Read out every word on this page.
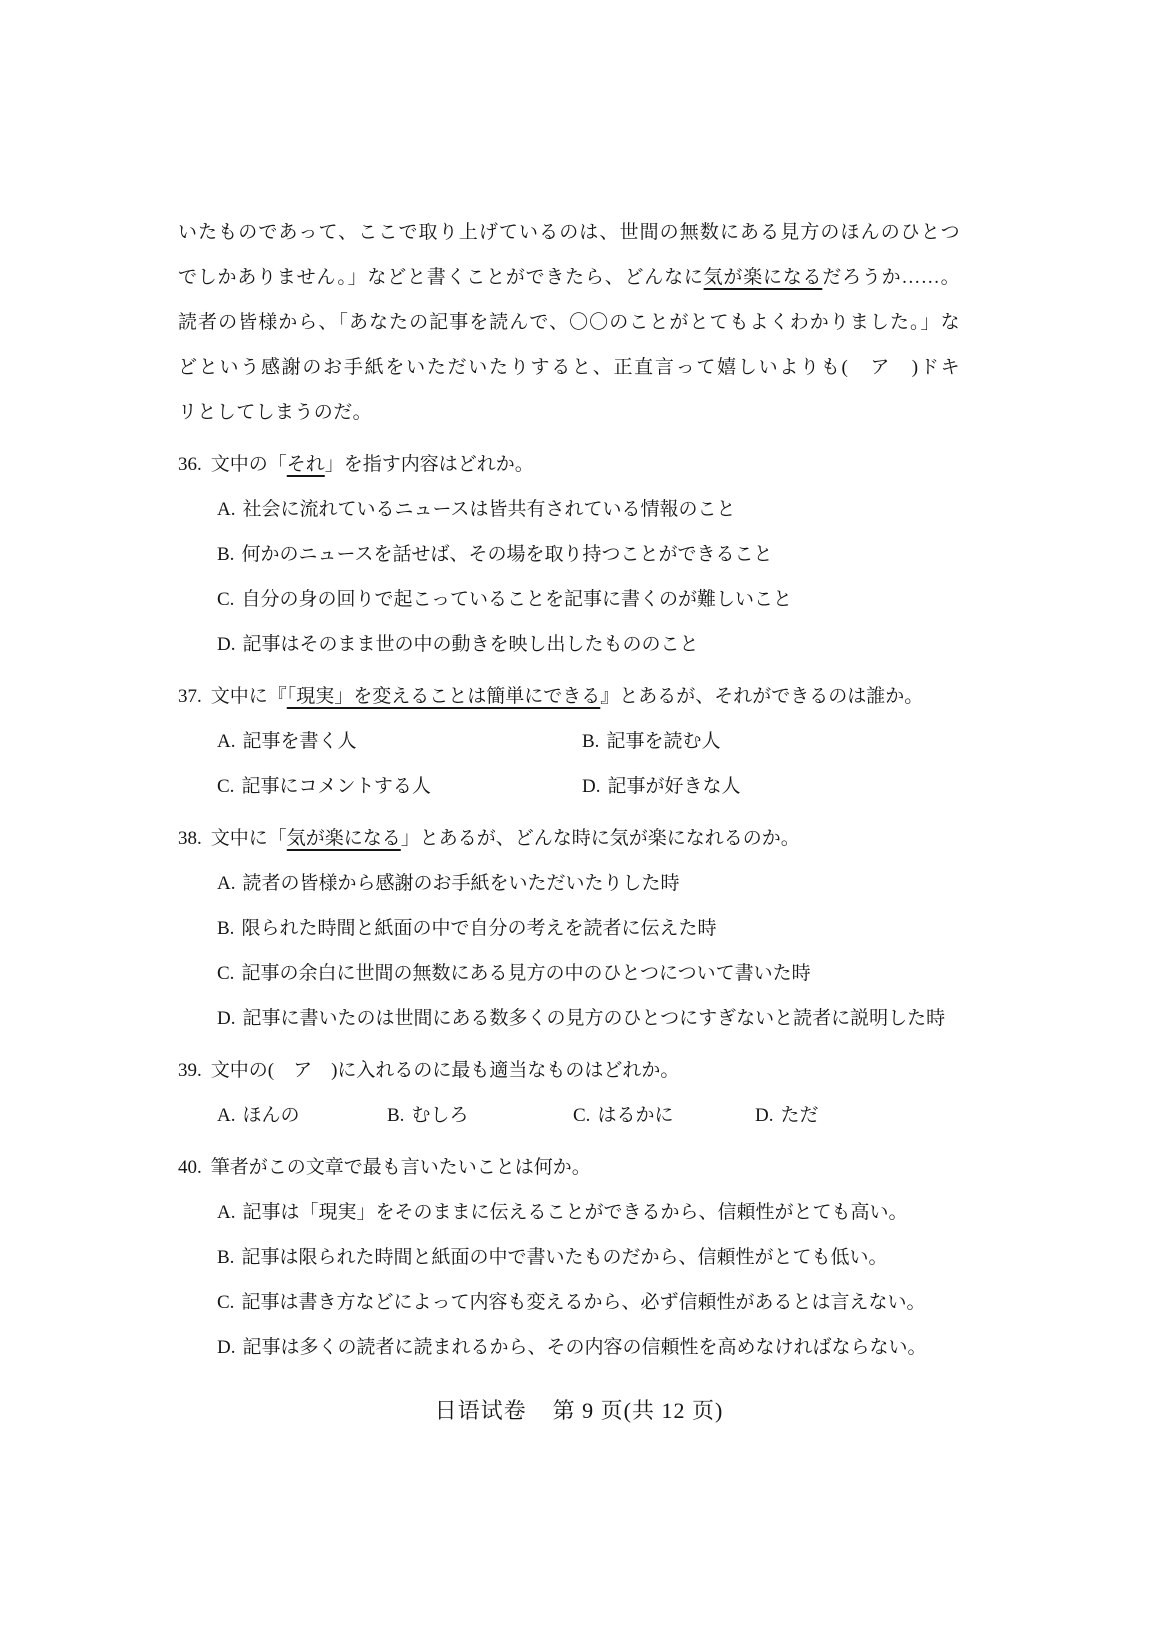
いたものであって、ここで取り上げているのは、世間の無数にある見方のほんのひとつ
でしかありません。」などと書くことができたら、どんなに気が楽になるだろうか……。
読者の皆様から、「あなたの記事を読んで、〇〇のことがとてもよくわかりました。」な
どという感謝のお手紙をいただいたりすると、正直言って嬉しいよりも(　ア　)ドキ
リとしてしまうのだ。
36. 文中の「それ」を指す内容はどれか。
A. 社会に流れているニュースは皆共有されている情報のこと
B. 何かのニュースを話せば、その場を取り持つことができること
C. 自分の身の回りで起こっていることを記事に書くのが難しいこと
D. 記事はそのまま世の中の動きを映し出したもののこと
37. 文中に『「現実」を変えることは簡単にできる』とあるが、それができるのは誰か。
A. 記事を書く人	B. 記事を読む人
C. 記事にコメントする人	D. 記事が好きな人
38. 文中に「気が楽になる」とあるが、どんな時に気が楽になれるのか。
A. 読者の皆様から感謝のお手紙をいただいたりした時
B. 限られた時間と紙面の中で自分の考えを読者に伝えた時
C. 記事の余白に世間の無数にある見方の中のひとつについて書いた時
D. 記事に書いたのは世間にある数多くの見方のひとつにすぎないと読者に説明した時
39. 文中の(　ア　)に入れるのに最も適当なものはどれか。
A. ほんの	B. むしろ	C. はるかに	D. ただ
40. 筆者がこの文章で最も言いたいことは何か。
A. 記事は「現実」をそのままに伝えることができるから、信頼性がとても高い。
B. 記事は限られた時間と紙面の中で書いたものだから、信頼性がとても低い。
C. 記事は書き方などによって内容も変えるから、必ず信頼性があるとは言えない。
D. 記事は多くの読者に読まれるから、その内容の信頼性を高めなければならない。
日语试卷 第 9 页(共 12 页)
